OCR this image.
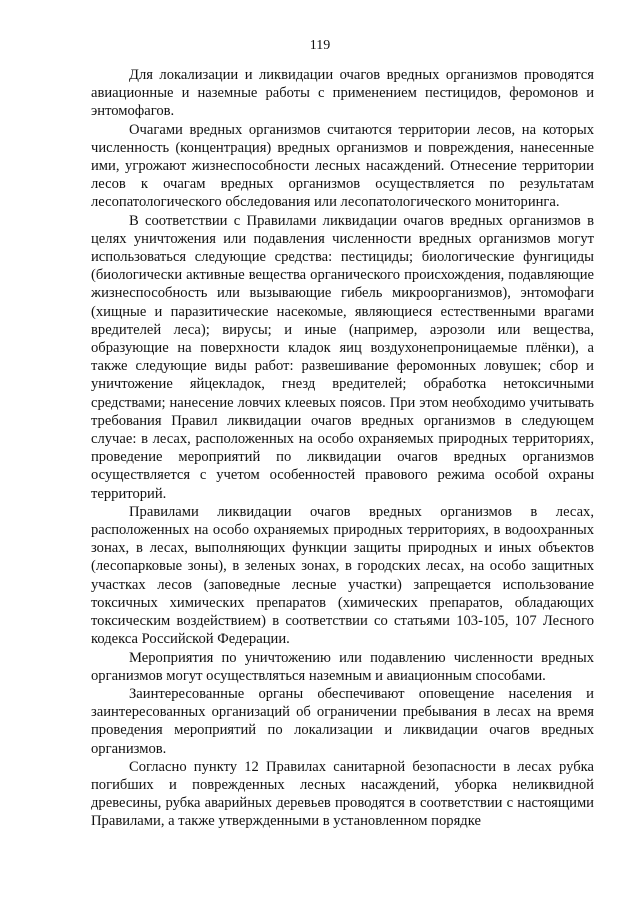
119

Для локализации и ликвидации очагов вредных организмов проводятся авиационные и наземные работы с применением пестицидов, феромонов и энтомофагов.

Очагами вредных организмов считаются территории лесов, на которых численность (концентрация) вредных организмов и повреждения, нанесенные ими, угрожают жизнеспособности лесных насаждений. Отнесение территории лесов к очагам вредных организмов осуществляется по результатам лесопатологического обследования или лесопатологического мониторинга.

В соответствии с Правилами ликвидации очагов вредных организмов в целях уничтожения или подавления численности вредных организмов могут использоваться следующие средства: пестициды; биологические фунгициды (биологически активные вещества органического происхождения, подавляющие жизнеспособность или вызывающие гибель микроорганизмов), энтомофаги (хищные и паразитические насекомые, являющиеся естественными врагами вредителей леса); вирусы; и иные (например, аэрозоли или вещества, образующие на поверхности кладок яиц воздухонепроницаемые плёнки), а также следующие виды работ: развешивание феромонных ловушек; сбор и уничтожение яйцекладок, гнезд вредителей; обработка нетоксичными средствами; нанесение ловчих клеевых поясов. При этом необходимо учитывать требования Правил ликвидации очагов вредных организмов в следующем случае: в лесах, расположенных на особо охраняемых природных территориях, проведение мероприятий по ликвидации очагов вредных организмов осуществляется с учетом особенностей правового режима особой охраны территорий.

Правилами ликвидации очагов вредных организмов в лесах, расположенных на особо охраняемых природных территориях, в водоохранных зонах, в лесах, выполняющих функции защиты природных и иных объектов (лесопарковые зоны), в зеленых зонах, в городских лесах, на особо защитных участках лесов (заповедные лесные участки) запрещается использование токсичных химических препаратов (химических препаратов, обладающих токсическим воздействием) в соответствии со статьями 103-105, 107 Лесного кодекса Российской Федерации.

Мероприятия по уничтожению или подавлению численности вредных организмов могут осуществляться наземным и авиационным способами.

Заинтересованные органы обеспечивают оповещение населения и заинтересованных организаций об ограничении пребывания в лесах на время проведения мероприятий по локализации и ликвидации очагов вредных организмов.

Согласно пункту 12 Правилах санитарной безопасности в лесах рубка погибших и поврежденных лесных насаждений, уборка неликвидной древесины, рубка аварийных деревьев проводятся в соответствии с настоящими Правилами, а также утвержденными в установленном порядке
